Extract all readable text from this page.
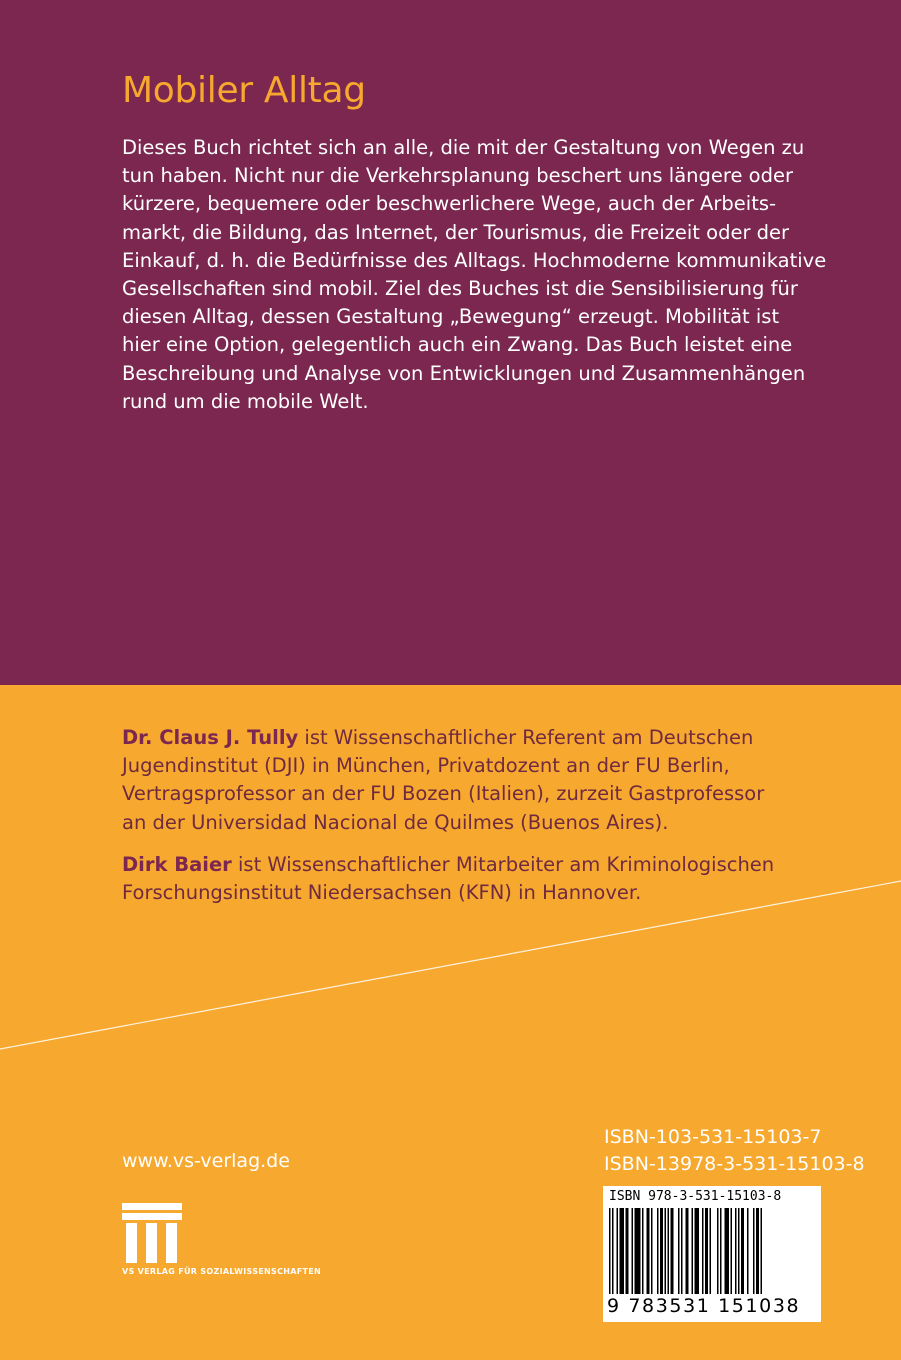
Mobiler Alltag

Dieses Buch richtet sich an alle, die mit der Gestaltung von Wegen zu
tun haben. Nicht nur die Verkehrsplanung beschert uns längere oder
kürzere, bequemere oder beschwerlichere Wege, auch der Arbeits-
markt, die Bildung, das Internet, der Tourismus, die Freizeit oder der
Einkauf, d. h. die Bedürfnisse des Alltags. Hochmoderne kommunikative
Gesellschaften sind mobil. Ziel des Buches ist die Sensibilisierung für
diesen Alltag, dessen Gestaltung „Bewegung“ erzeugt. Mobilität ist
hier eine Option, gelegentlich auch ein Zwang. Das Buch leistet eine
Beschreibung und Analyse von Entwicklungen und Zusammenhängen
rund um die mobile Welt.

Dr. Claus J. Tully ist Wissenschaftlicher Referent am Deutschen
Jugendinstitut (DJI) in München, Privatdozent an der FU Berlin,
Vertragsprofessor an der FU Bozen (Italien), zurzeit Gastprofessor
an der Universidad Nacional de Quilmes (Buenos Aires).

Dirk Baier ist Wissenschaftlicher Mitarbeiter am Kriminologischen
Forschungsinstitut Niedersachsen (KFN) in Hannover.

www.vs-verlag.de
ISBN-103-531-15103-7
ISBN-13978-3-531-15103-8
VS VERLAG FÜR SOZIALWISSENSCHAFTEN
ISBN 978-3-531-15103-8
9 783531 151038
